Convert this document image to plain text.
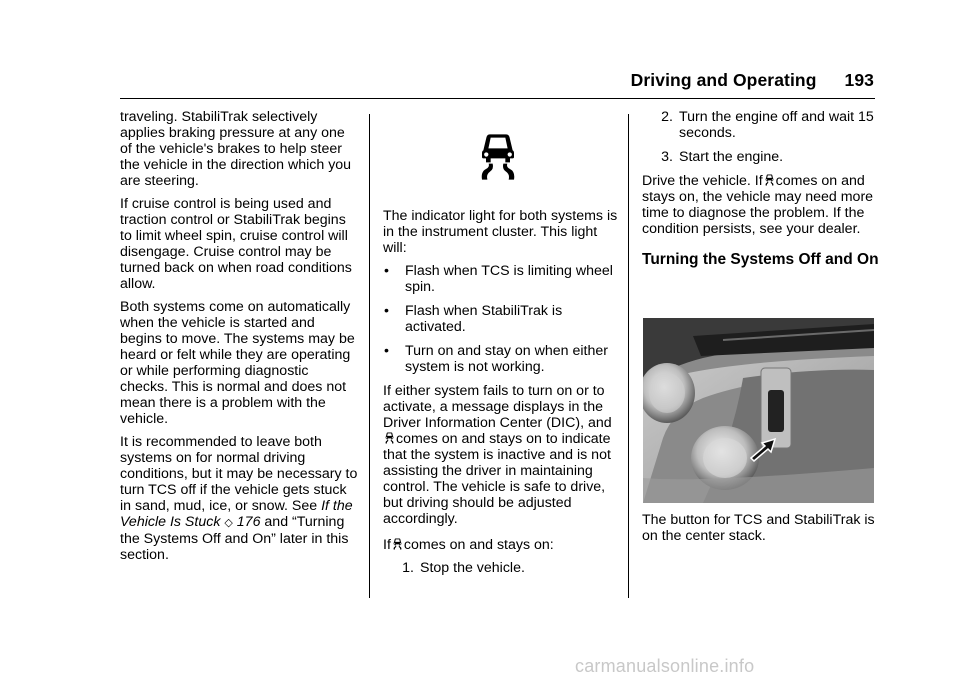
Driving and Operating 193

traveling. StabiliTrak selectively applies braking pressure at any one of the vehicle's brakes to help steer the vehicle in the direction which you are steering.

If cruise control is being used and traction control or StabiliTrak begins to limit wheel spin, cruise control will disengage. Cruise control may be turned back on when road conditions allow.

Both systems come on automatically when the vehicle is started and begins to move. The systems may be heard or felt while they are operating or while performing diagnostic checks. This is normal and does not mean there is a problem with the vehicle.

It is recommended to leave both systems on for normal driving conditions, but it may be necessary to turn TCS off if the vehicle gets stuck in sand, mud, ice, or snow. See If the Vehicle Is Stuck ◇ 176 and “Turning the Systems Off and On” later in this section.

The indicator light for both systems is in the instrument cluster. This light will:

•	Flash when TCS is limiting wheel spin.
•	Flash when StabiliTrak is activated.
•	Turn on and stay on when either system is not working.

If either system fails to turn on or to activate, a message displays in the Driver Information Center (DIC), and
comes on and stays on to indicate that the system is inactive and is not assisting the driver in maintaining control. The vehicle is safe to drive, but driving should be adjusted accordingly.

If comes on and stays on:

1. Stop the vehicle.
2. Turn the engine off and wait 15 seconds.
3. Start the engine.

Drive the vehicle. If comes on and stays on, the vehicle may need more time to diagnose the problem. If the condition persists, see your dealer.

Turning the Systems Off and On

The button for TCS and StabiliTrak is on the center stack.

carmanualsonline.info
